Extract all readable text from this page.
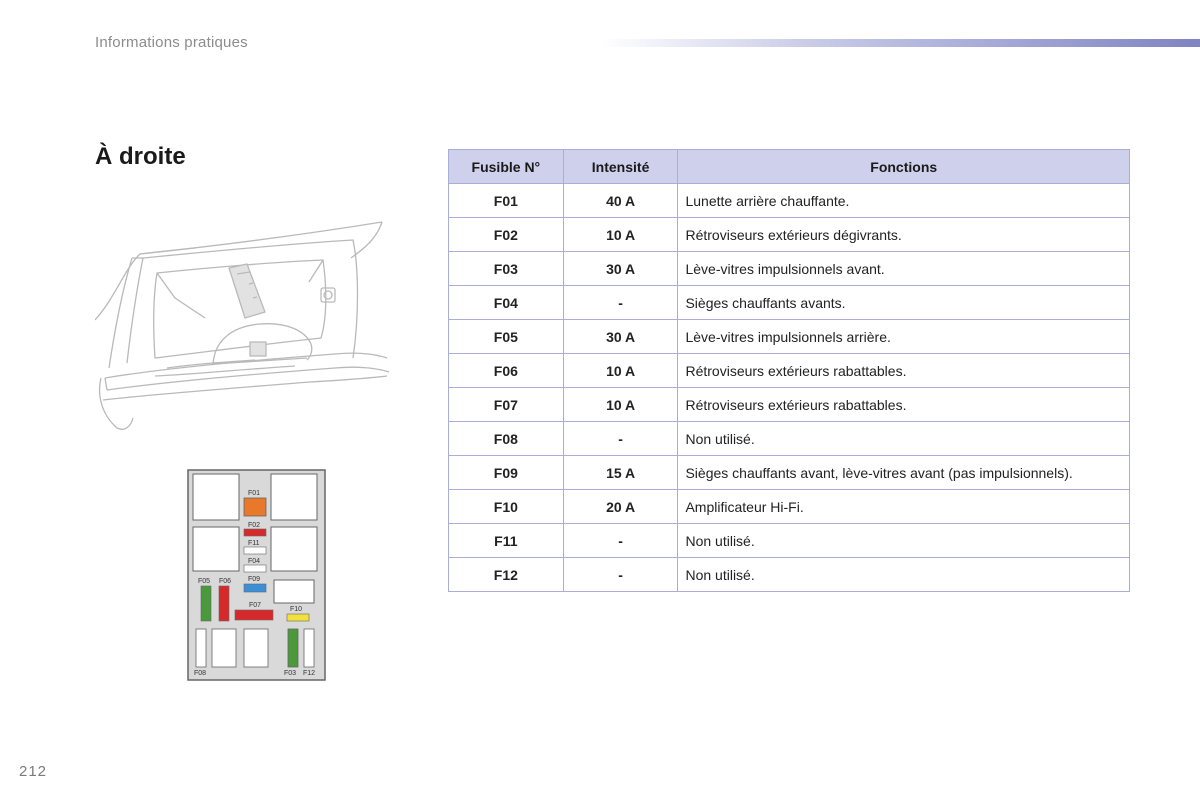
Informations pratiques
À droite
F01
F02
F11
F04
F05 F06 F09
F07
F10
F08	F03 F12
Fusible N°	Intensité	Fonctions
F01	40 A	Lunette arrière chauffante.
F02	10 A	Rétroviseurs extérieurs dégivrants.
F03	30 A	Lève-vitres impulsionnels avant.
F04	-	Sièges chauffants avants.
F05	30 A	Lève-vitres impulsionnels arrière.
F06	10 A	Rétroviseurs extérieurs rabattables.
F07	10 A	Rétroviseurs extérieurs rabattables.
F08	-	Non utilisé.
F09	15 A	Sièges chauffants avant, lève-vitres avant (pas impulsionnels).
F10	20 A	Amplificateur Hi-Fi.
F11	-	Non utilisé.
F12	-	Non utilisé.
212
